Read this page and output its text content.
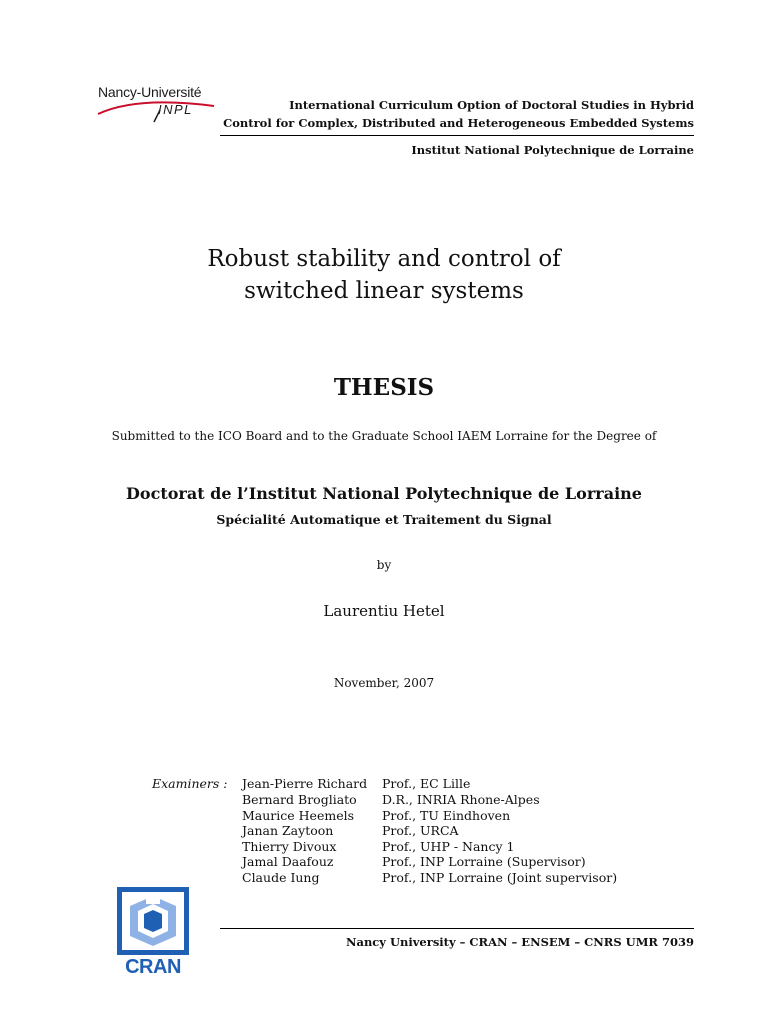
Nancy-Université
INPL	International Curriculum Option of Doctoral Studies in Hybrid
Control for Complex, Distributed and Heterogeneous Embedded Systems
Institut National Polytechnique de Lorraine
Robust stability and control of
switched linear systems
THESIS
Submitted to the ICO Board and to the Graduate School IAEM Lorraine for the Degree of
Doctorat de l’Institut National Polytechnique de Lorraine
Spécialité Automatique et Traitement du Signal
by
Laurentiu Hetel
November, 2007
Examiners : Jean-Pierre Richard Prof., EC Lille
Bernard Brogliato D.R., INRIA Rhone-Alpes
Maurice Heemels Prof., TU Eindhoven
Janan Zaytoon	Prof., URCA
Thierry Divoux	Prof., UHP - Nancy 1
Jamal Daafouz	Prof., INP Lorraine (Supervisor)
Claude Iung	Prof., INP Lorraine (Joint supervisor)
CRAN
Nancy University – CRAN – ENSEM – CNRS UMR 7039
